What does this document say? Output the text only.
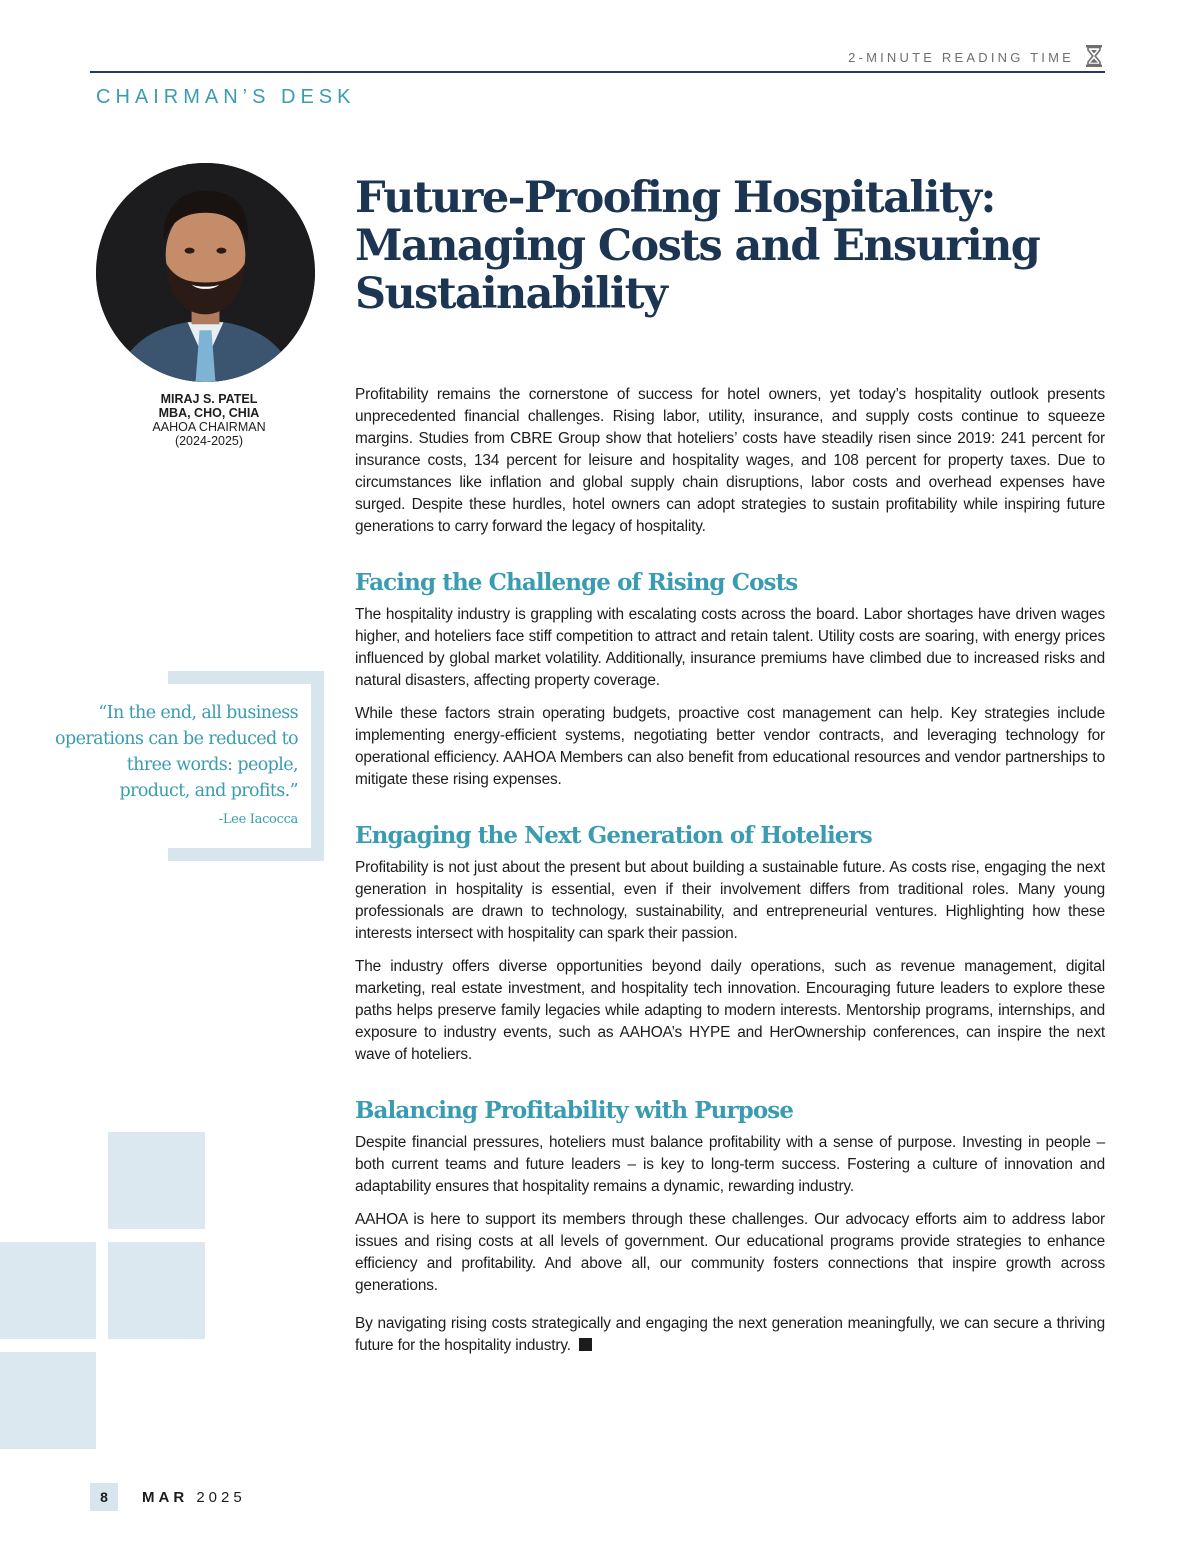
2-MINUTE READING TIME
CHAIRMAN’S DESK
MIRAJ S. PATEL
MBA, CHO, CHIA
AAHOA CHAIRMAN
(2024-2025)
“In the end, all business operations can be reduced to three words: people, product, and profits.”
-Lee Iacocca
Future-Proofing Hospitality: Managing Costs and Ensuring Sustainability

Profitability remains the cornerstone of success for hotel owners, yet today’s hospitality outlook presents unprecedented financial challenges. Rising labor, utility, insurance, and supply costs continue to squeeze margins. Studies from CBRE Group show that hoteliers’ costs have steadily risen since 2019: 241 percent for insurance costs, 134 percent for leisure and hospitality wages, and 108 percent for property taxes. Due to circumstances like inflation and global supply chain disruptions, labor costs and overhead expenses have surged. Despite these hurdles, hotel owners can adopt strategies to sustain profitability while inspiring future generations to carry forward the legacy of hospitality.

Facing the Challenge of Rising Costs

The hospitality industry is grappling with escalating costs across the board. Labor shortages have driven wages higher, and hoteliers face stiff competition to attract and retain talent. Utility costs are soaring, with energy prices influenced by global market volatility. Additionally, insurance premiums have climbed due to increased risks and natural disasters, affecting property coverage.

While these factors strain operating budgets, proactive cost management can help. Key strategies include implementing energy-efficient systems, negotiating better vendor contracts, and leveraging technology for operational efficiency. AAHOA Members can also benefit from educational resources and vendor partnerships to mitigate these rising expenses.

Engaging the Next Generation of Hoteliers

Profitability is not just about the present but about building a sustainable future. As costs rise, engaging the next generation in hospitality is essential, even if their involvement differs from traditional roles. Many young professionals are drawn to technology, sustainability, and entrepreneurial ventures. Highlighting how these interests intersect with hospitality can spark their passion.

The industry offers diverse opportunities beyond daily operations, such as revenue management, digital marketing, real estate investment, and hospitality tech innovation. Encouraging future leaders to explore these paths helps preserve family legacies while adapting to modern interests. Mentorship programs, internships, and exposure to industry events, such as AAHOA’s HYPE and HerOwnership conferences, can inspire the next wave of hoteliers.

Balancing Profitability with Purpose

Despite financial pressures, hoteliers must balance profitability with a sense of purpose. Investing in people – both current teams and future leaders – is key to long-term success. Fostering a culture of innovation and adaptability ensures that hospitality remains a dynamic, rewarding industry.

AAHOA is here to support its members through these challenges. Our advocacy efforts aim to address labor issues and rising costs at all levels of government. Our educational programs provide strategies to enhance efficiency and profitability. And above all, our community fosters connections that inspire growth across generations.

By navigating rising costs strategically and engaging the next generation meaningfully, we can secure a thriving future for the hospitality industry.

8	MAR 2025
